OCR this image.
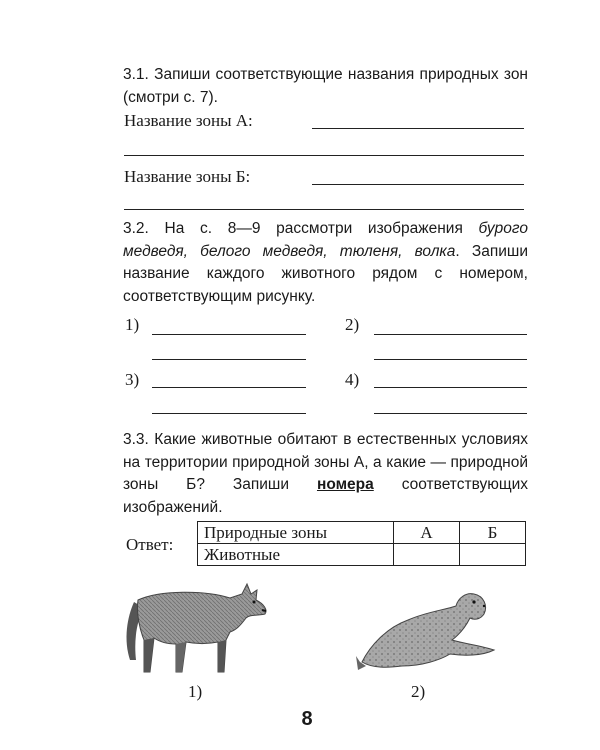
3.1. Запиши соответствующие названия природных зон (смотри с. 7).
Название зоны А:
Название зоны Б:
3.2. На с. 8—9 рассмотри изображения бурого медведя, белого медведя, тюленя, волка. Запиши название каждого животного рядом с номером, соответствующим рисунку.
1)	2)
3)	4)
3.3. Какие животные обитают в естественных условиях на территории природной зоны А, а какие — природной зоны Б? Запиши номера соответствующих изображений.
Ответ:
Природные зоны	А	Б
Животные		
1)	2)
8
